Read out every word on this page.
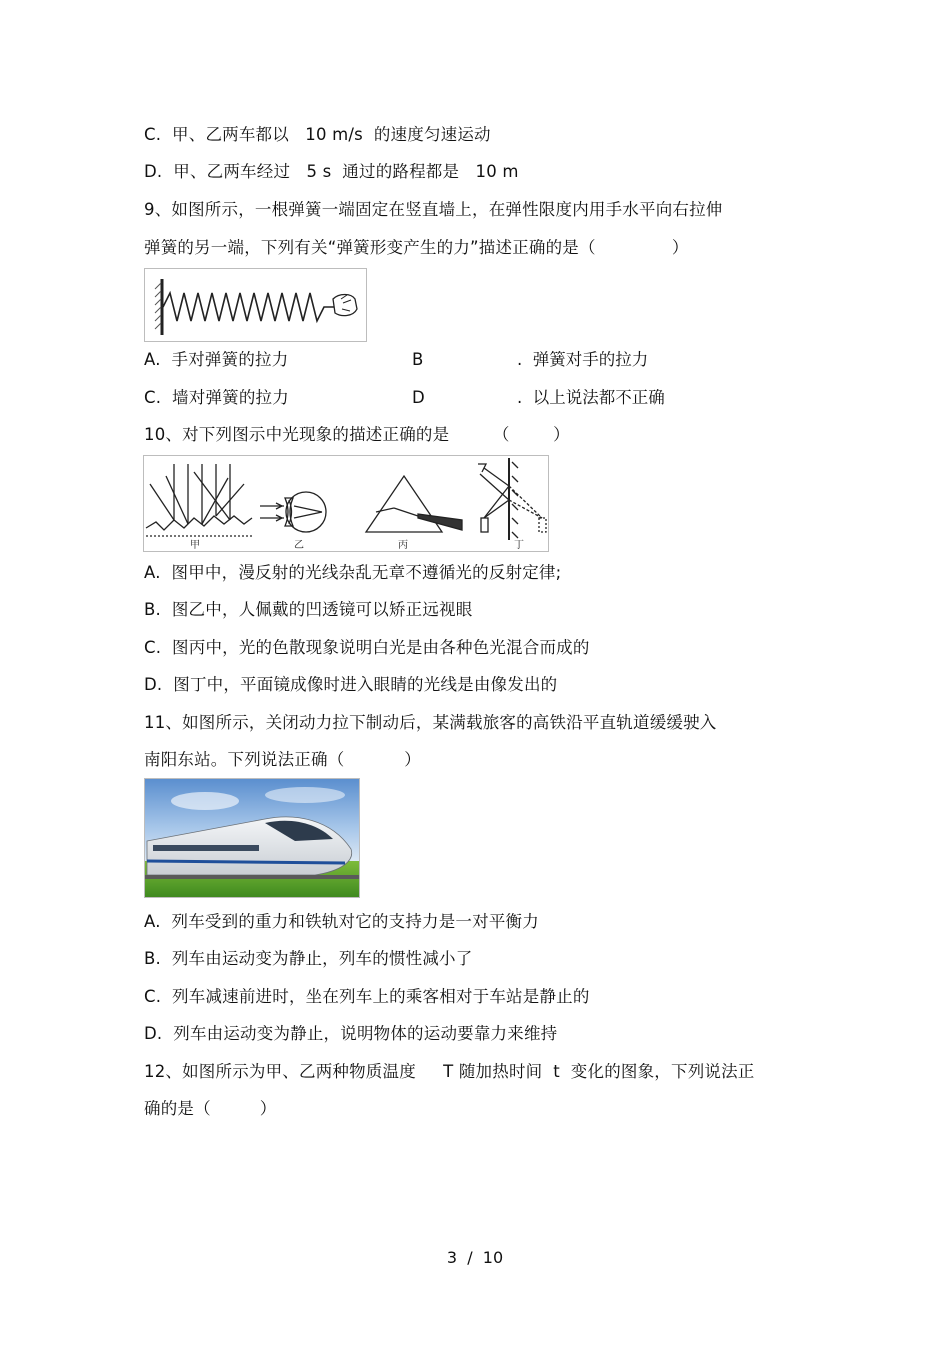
C.  甲、乙两车都以   10 m/s  的速度匀速运动
D.  甲、乙两车经过   5 s  通过的路程都是   10 m
9、如图所示，一根弹簧一端固定在竖直墙上，在弹性限度内用手水平向右拉伸
弹簧的另一端，下列有关“弹簧形变产生的力”描述正确的是（              ）
A.  手对弹簧的拉力	B	.  弹簧对手的拉力
C.  墙对弹簧的拉力	D	.  以上说法都不正确
10、对下列图示中光现象的描述正确的是        （        ）
甲	乙	丙	丁
A.  图甲中，漫反射的光线杂乱无章不遵循光的反射定律;
B.  图乙中，人佩戴的凹透镜可以矫正远视眼
C.  图丙中，光的色散现象说明白光是由各种色光混合而成的
D.  图丁中，平面镜成像时进入眼睛的光线是由像发出的
11、如图所示，关闭动力拉下制动后，某满载旅客的高铁沿平直轨道缓缓驶入
南阳东站。下列说法正确（           ）
A.  列车受到的重力和铁轨对它的支持力是一对平衡力
B.  列车由运动变为静止，列车的惯性减小了
C.  列车减速前进时，坐在列车上的乘客相对于车站是静止的
D.  列车由运动变为静止，说明物体的运动要靠力来维持
12、如图所示为甲、乙两种物质温度     T 随加热时间  t  变化的图象，下列说法正
确的是（         ）
3  /  10
